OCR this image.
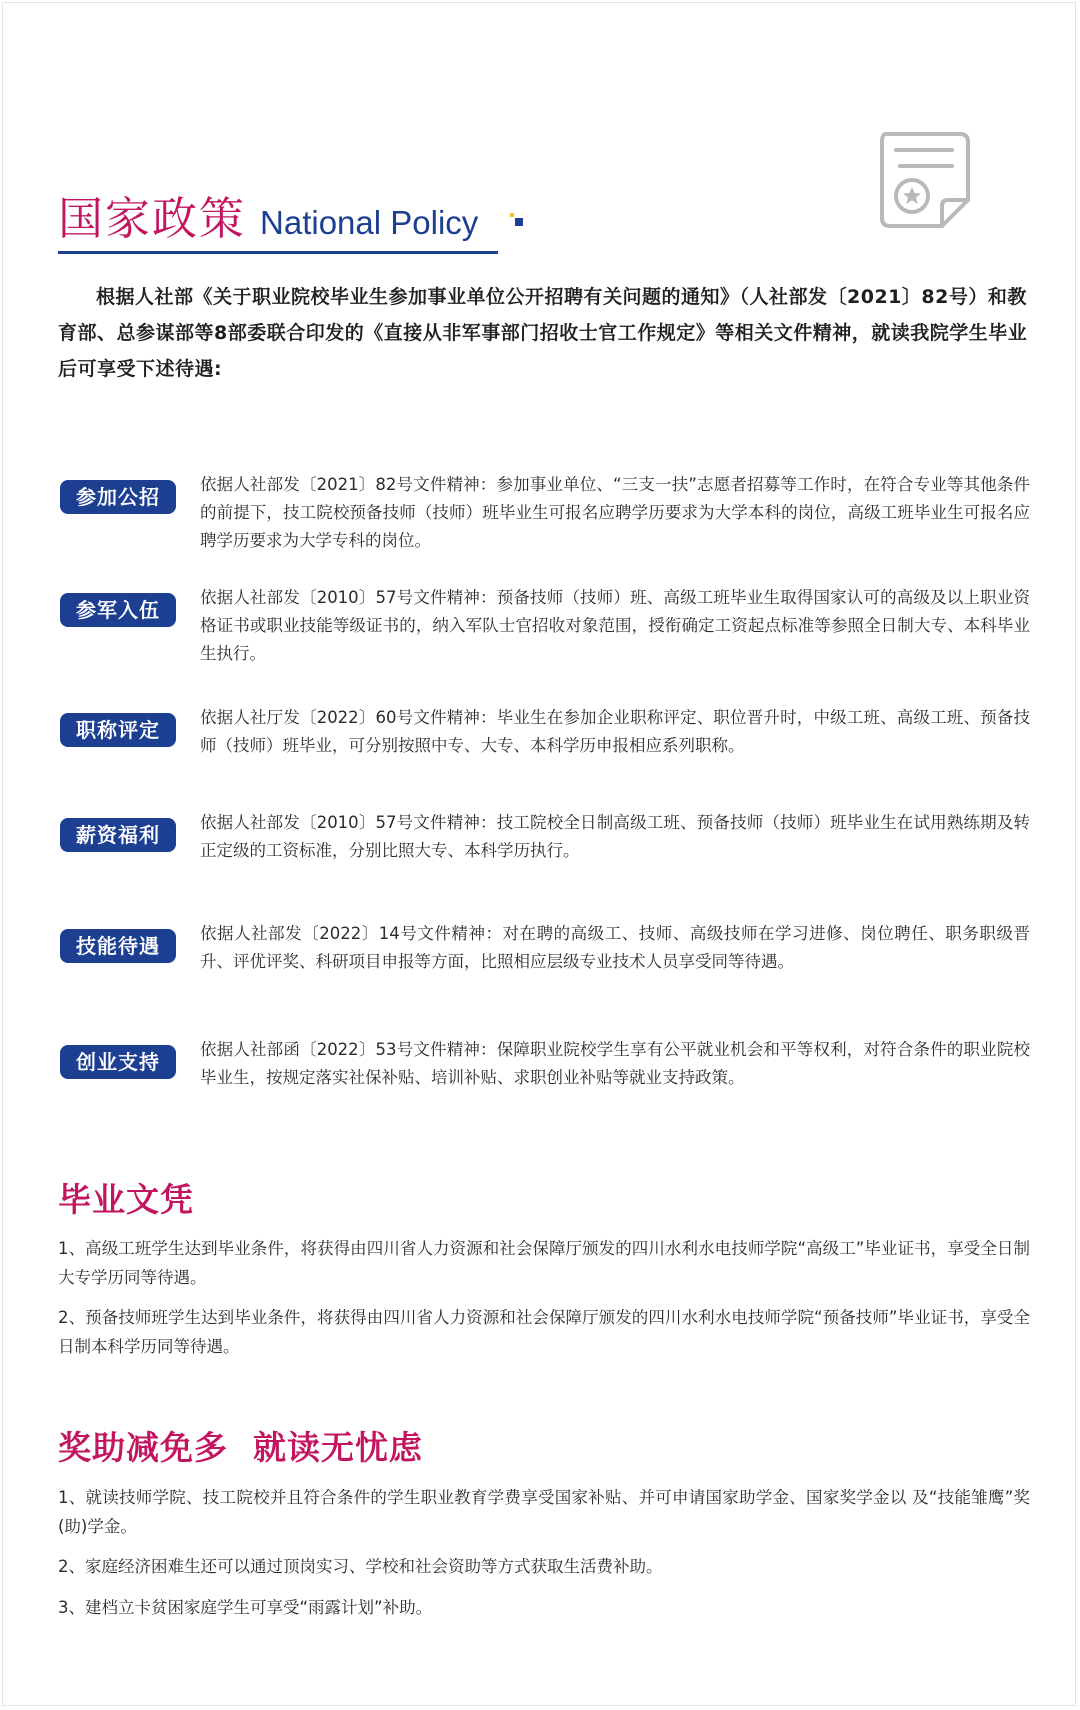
国家政策 National Policy
根据人社部《关于职业院校毕业生参加事业单位公开招聘有关问题的通知》（人社部发〔2021〕82号）和教育部、总参谋部等8部委联合印发的《直接从非军事部门招收士官工作规定》等相关文件精神，就读我院学生毕业后可享受下述待遇:
参加公招
依据人社部发〔2021〕82号文件精神：参加事业单位、“三支一扶”志愿者招募等工作时，在符合专业等其他条件的前提下，技工院校预备技师（技师）班毕业生可报名应聘学历要求为大学本科的岗位，高级工班毕业生可报名应聘学历要求为大学专科的岗位。
参军入伍
依据人社部发〔2010〕57号文件精神：预备技师（技师）班、高级工班毕业生取得国家认可的高级及以上职业资格证书或职业技能等级证书的，纳入军队士官招收对象范围，授衔确定工资起点标准等参照全日制大专、本科毕业生执行。
职称评定
依据人社厅发〔2022〕60号文件精神：毕业生在参加企业职称评定、职位晋升时，中级工班、高级工班、预备技师（技师）班毕业，可分别按照中专、大专、本科学历申报相应系列职称。
薪资福利
依据人社部发〔2010〕57号文件精神：技工院校全日制高级工班、预备技师（技师）班毕业生在试用熟练期及转正定级的工资标准，分别比照大专、本科学历执行。
技能待遇
依据人社部发〔2022〕14号文件精神：对在聘的高级工、技师、高级技师在学习进修、岗位聘任、职务职级晋升、评优评奖、科研项目申报等方面，比照相应层级专业技术人员享受同等待遇。
创业支持
依据人社部函〔2022〕53号文件精神：保障职业院校学生享有公平就业机会和平等权利，对符合条件的职业院校毕业生，按规定落实社保补贴、培训补贴、求职创业补贴等就业支持政策。
毕业文凭
1、高级工班学生达到毕业条件，将获得由四川省人力资源和社会保障厅颁发的四川水利水电技师学院“高级工”毕业证书，享受全日制大专学历同等待遇。
2、预备技师班学生达到毕业条件，将获得由四川省人力资源和社会保障厅颁发的四川水利水电技师学院“预备技师”毕业证书，享受全日制本科学历同等待遇。
奖助减免多  就读无忧虑
1、就读技师学院、技工院校并且符合条件的学生职业教育学费享受国家补贴、并可申请国家助学金、国家奖学金以 及“技能雏鹰”奖(助)学金。
2、家庭经济困难生还可以通过顶岗实习、学校和社会资助等方式获取生活费补助。
3、建档立卡贫困家庭学生可享受“雨露计划”补助。
